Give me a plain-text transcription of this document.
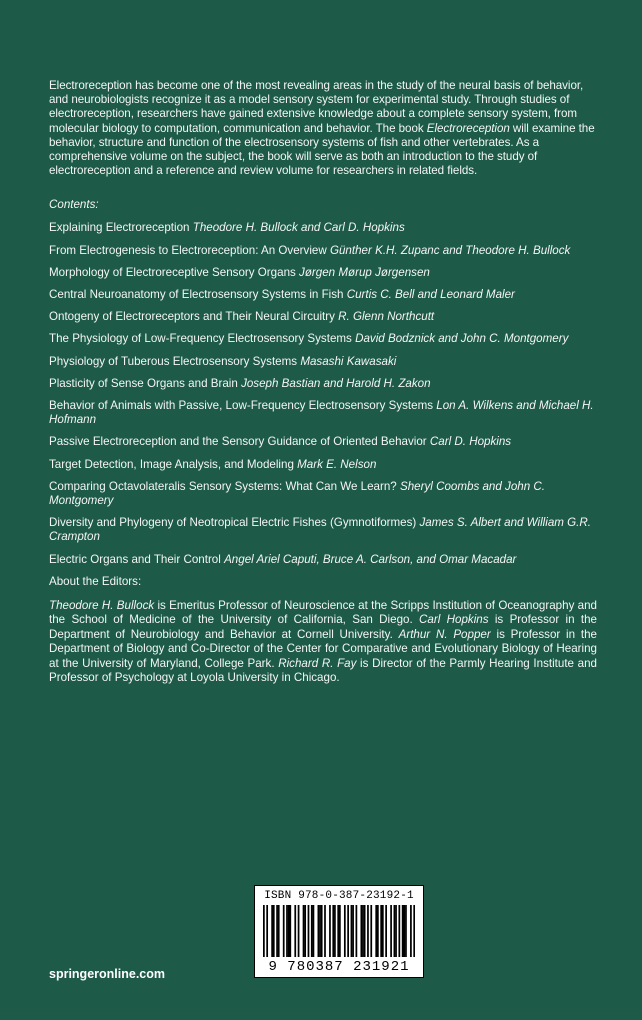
Electroreception has become one of the most revealing areas in the study of the neural basis of behavior, and neurobiologists recognize it as a model sensory system for experimental study. Through studies of electroreception, researchers have gained extensive knowledge about a complete sensory system, from molecular biology to computation, communication and behavior. The book Electroreception will examine the behavior, structure and function of the electrosensory systems of fish and other vertebrates. As a comprehensive volume on the subject, the book will serve as both an introduction to the study of electroreception and a reference and review volume for researchers in related fields.

Contents:

Explaining Electroreception Theodore H. Bullock and Carl D. Hopkins
From Electrogenesis to Electroreception: An Overview Günther K.H. Zupanc and Theodore H. Bullock
Morphology of Electroreceptive Sensory Organs Jørgen Mørup Jørgensen
Central Neuroanatomy of Electrosensory Systems in Fish Curtis C. Bell and Leonard Maler
Ontogeny of Electroreceptors and Their Neural Circuitry R. Glenn Northcutt
The Physiology of Low-Frequency Electrosensory Systems David Bodznick and John C. Montgomery
Physiology of Tuberous Electrosensory Systems Masashi Kawasaki
Plasticity of Sense Organs and Brain Joseph Bastian and Harold H. Zakon
Behavior of Animals with Passive, Low-Frequency Electrosensory Systems Lon A. Wilkens and Michael H. Hofmann
Passive Electroreception and the Sensory Guidance of Oriented Behavior Carl D. Hopkins
Target Detection, Image Analysis, and Modeling Mark E. Nelson
Comparing Octavolateralis Sensory Systems: What Can We Learn? Sheryl Coombs and John C. Montgomery
Diversity and Phylogeny of Neotropical Electric Fishes (Gymnotiformes) James S. Albert and William G.R. Crampton
Electric Organs and Their Control Angel Ariel Caputi, Bruce A. Carlson, and Omar Macadar

About the Editors:

Theodore H. Bullock is Emeritus Professor of Neuroscience at the Scripps Institution of Oceanography and the School of Medicine of the University of California, San Diego. Carl Hopkins is Professor in the Department of Neurobiology and Behavior at Cornell University. Arthur N. Popper is Professor in the Department of Biology and Co-Director of the Center for Comparative and Evolutionary Biology of Hearing at the University of Maryland, College Park. Richard R. Fay is Director of the Parmly Hearing Institute and Professor of Psychology at Loyola University in Chicago.

springeronline.com
ISBN 978-0-387-23192-1
9 780387 231921
